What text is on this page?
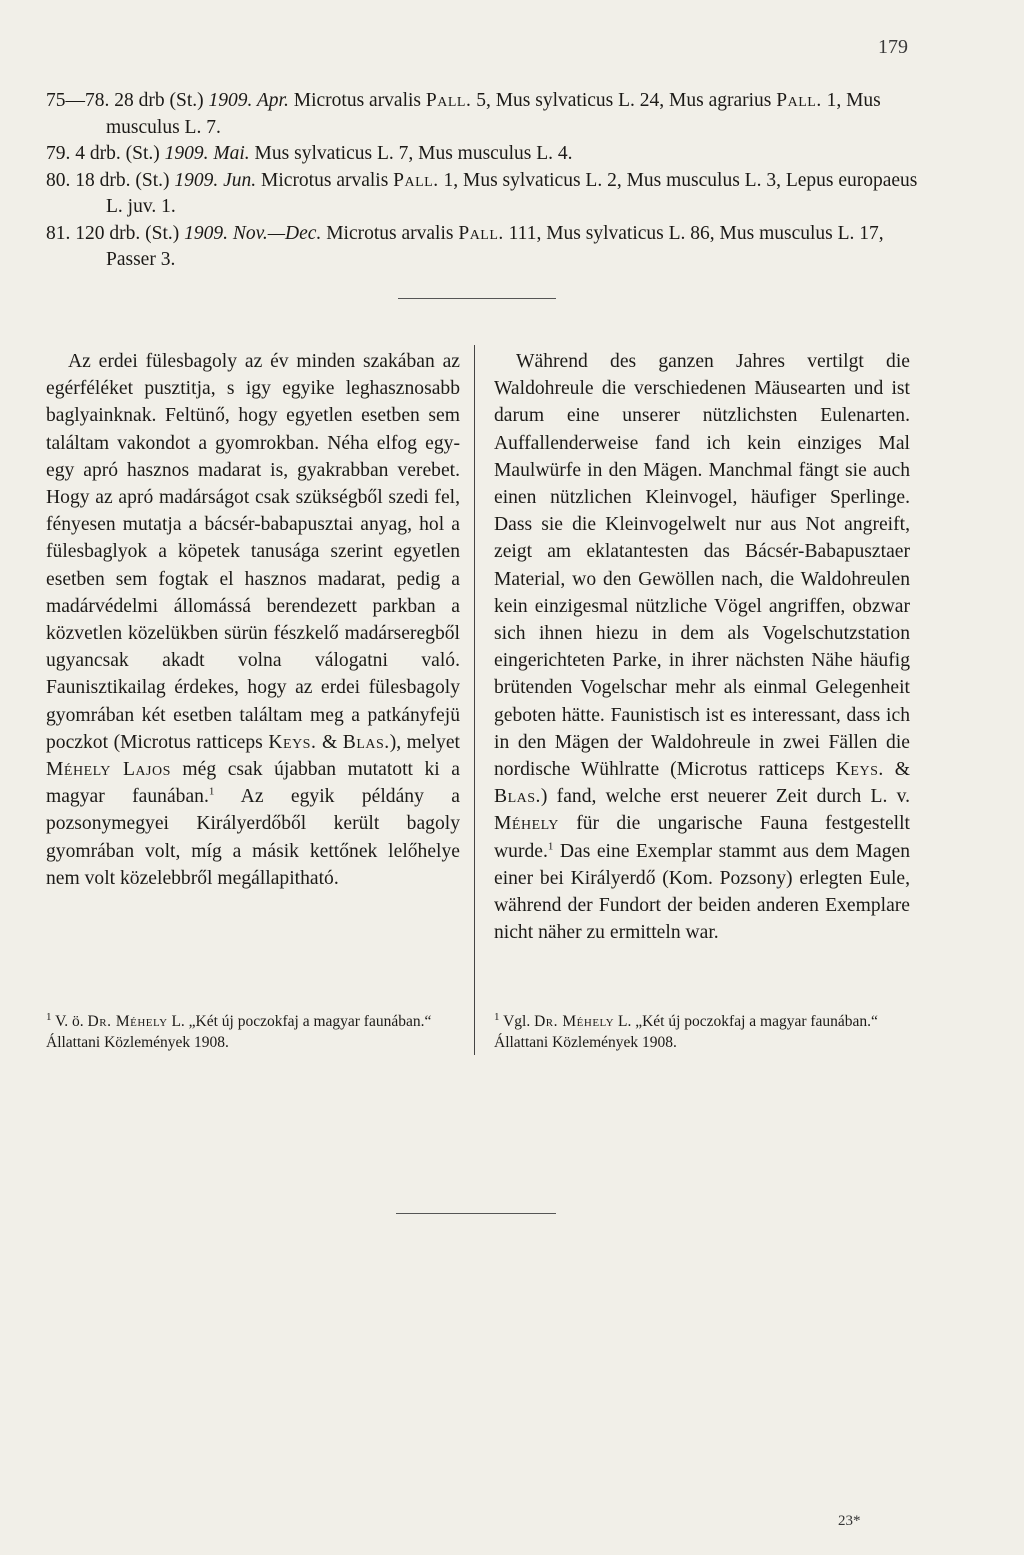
179

75—78. 28 drb (St.) 1909. Apr. Microtus arvalis Pall. 5, Mus sylvaticus L. 24, Mus agrarius Pall. 1, Mus musculus L. 7.

79. 4 drb. (St.) 1909. Mai. Mus sylvaticus L. 7, Mus musculus L. 4.

80. 18 drb. (St.) 1909. Jun. Microtus arvalis Pall. 1, Mus sylvaticus L. 2, Mus musculus L. 3, Lepus europaeus L. juv. 1.

81. 120 drb. (St.) 1909. Nov.—Dec. Microtus arvalis Pall. 111, Mus sylvaticus L. 86, Mus musculus L. 17, Passer 3.

Az erdei fülesbagoly az év minden szakában az egérféléket pusztitja, s igy egyike leghasznosabb baglyainknak. Feltünő, hogy egyetlen esetben sem találtam vakondot a gyomrokban. Néha elfog egy-egy apró hasznos madarat is, gyakrabban verebet. Hogy az apró madárságot csak szükségből szedi fel, fényesen mutatja a bácsér-babapusztai anyag, hol a fülesbaglyok a köpetek tanusága szerint egyetlen esetben sem fogtak el hasznos madarat, pedig a madárvédelmi állomássá berendezett parkban a közvetlen közelükben sürün fészkelő madárseregből ugyancsak akadt volna válogatni való. Faunisztikailag érdekes, hogy az erdei fülesbagoly gyomrában két esetben találtam meg a patkányfejü poczkot (Microtus ratticeps Keys. & Blas.), melyet Méhely Lajos még csak újabban mutatott ki a magyar faunában.$^1$ Az egyik példány a pozsonymegyei Királyerdőből került bagoly gyomrában volt, míg a másik kettőnek lelőhelye nem volt közelebbről megállapitható.

Während des ganzen Jahres vertilgt die Waldohreule die verschiedenen Mäusearten und ist darum eine unserer nützlichsten Eulenarten. Auffallenderweise fand ich kein einziges Mal Maulwürfe in den Mägen. Manchmal fängt sie auch einen nützlichen Kleinvogel, häufiger Sperlinge. Dass sie die Kleinvogelwelt nur aus Not angreift, zeigt am eklatantesten das Bácsér-Babapusztaer Material, wo den Gewöllen nach, die Waldohreulen kein einzigesmal nützliche Vögel angriffen, obzwar sich ihnen hiezu in dem als Vogelschutzstation eingerichteten Parke, in ihrer nächsten Nähe häufig brütenden Vogelschar mehr als einmal Gelegenheit geboten hätte. Faunistisch ist es interessant, dass ich in den Mägen der Waldohreule in zwei Fällen die nordische Wühlratte (Microtus ratticeps Keys. & Blas.) fand, welche erst neuerer Zeit durch L. v. Méhely für die ungarische Fauna festgestellt wurde.$^1$ Das eine Exemplar stammt aus dem Magen einer bei Királyerdő (Kom. Pozsony) erlegten Eule, während der Fundort der beiden anderen Exemplare nicht näher zu ermitteln war.

$^1$ V. ö. Dr. Méhely L. „Két új poczokfaj a magyar faunában.“ Állattani Közlemények 1908.
$^1$ Vgl. Dr. Méhely L. „Két új poczokfaj a magyar faunában.“ Állattani Közlemények 1908.
23*
